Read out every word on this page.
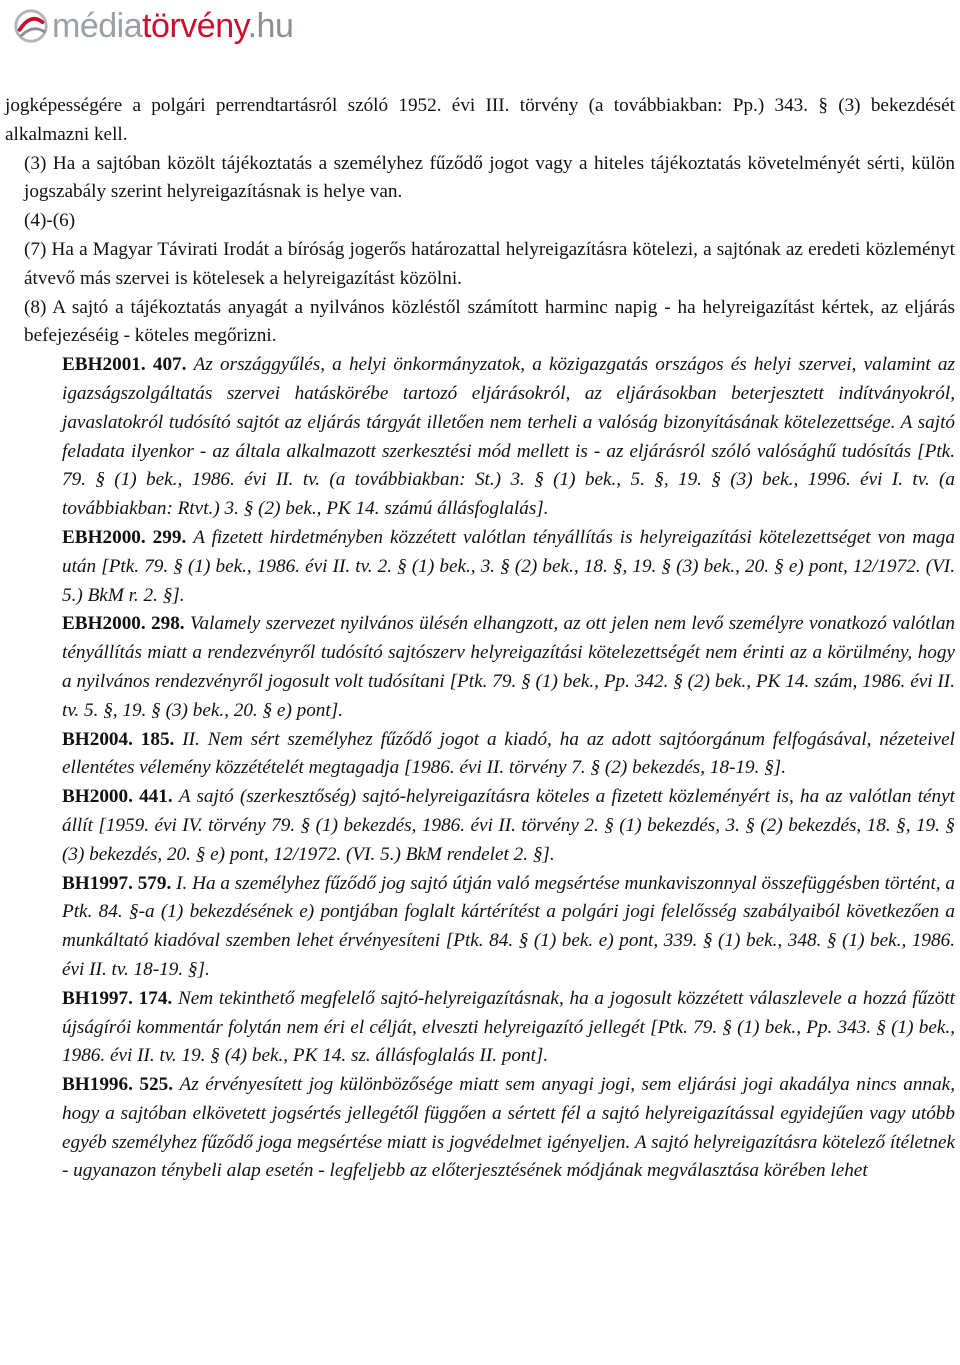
médiatörvény.hu

jogképességére a polgári perrendtartásról szóló 1952. évi III. törvény (a továbbiakban: Pp.) 343. § (3) bekezdését alkalmazni kell.

(3) Ha a sajtóban közölt tájékoztatás a személyhez fűződő jogot vagy a hiteles tájékoztatás követelményét sérti, külön jogszabály szerint helyreigazításnak is helye van.

(4)-(6)

(7) Ha a Magyar Távirati Irodát a bíróság jogerős határozattal helyreigazításra kötelezi, a sajtónak az eredeti közleményt átvevő más szervei is kötelesek a helyreigazítást közölni.

(8) A sajtó a tájékoztatás anyagát a nyilvános közléstől számított harminc napig - ha helyreigazítást kértek, az eljárás befejezéséig - köteles megőrizni.

EBH2001. 407. Az országgyűlés, a helyi önkormányzatok, a közigazgatás országos és helyi szervei, valamint az igazságszolgáltatás szervei hatáskörébe tartozó eljárásokról, az eljárásokban beterjesztett indítványokról, javaslatokról tudósító sajtót az eljárás tárgyát illetően nem terheli a valóság bizonyításának kötelezettsége. A sajtó feladata ilyenkor - az általa alkalmazott szerkesztési mód mellett is - az eljárásról szóló valósághű tudósítás [Ptk. 79. § (1) bek., 1986. évi II. tv. (a továbbiakban: St.) 3. § (1) bek., 5. §, 19. § (3) bek., 1996. évi I. tv. (a továbbiakban: Rtvt.) 3. § (2) bek., PK 14. számú állásfoglalás].

EBH2000. 299. A fizetett hirdetményben közzétett valótlan tényállítás is helyreigazítási kötelezettséget von maga után [Ptk. 79. § (1) bek., 1986. évi II. tv. 2. § (1) bek., 3. § (2) bek., 18. §, 19. § (3) bek., 20. § e) pont, 12/1972. (VI. 5.) BkM r. 2. §].

EBH2000. 298. Valamely szervezet nyilvános ülésén elhangzott, az ott jelen nem levő személyre vonatkozó valótlan tényállítás miatt a rendezvényről tudósító sajtószerv helyreigazítási kötelezettségét nem érinti az a körülmény, hogy a nyilvános rendezvényről jogosult volt tudósítani [Ptk. 79. § (1) bek., Pp. 342. § (2) bek., PK 14. szám, 1986. évi II. tv. 5. §, 19. § (3) bek., 20. § e) pont].

BH2004. 185. II. Nem sért személyhez fűződő jogot a kiadó, ha az adott sajtóorgánum felfogásával, nézeteivel ellentétes vélemény közzétételét megtagadja [1986. évi II. törvény 7. § (2) bekezdés, 18-19. §].

BH2000. 441. A sajtó (szerkesztőség) sajtó-helyreigazításra köteles a fizetett közleményért is, ha az valótlan tényt állít [1959. évi IV. törvény 79. § (1) bekezdés, 1986. évi II. törvény 2. § (1) bekezdés, 3. § (2) bekezdés, 18. §, 19. § (3) bekezdés, 20. § e) pont, 12/1972. (VI. 5.) BkM rendelet 2. §].

BH1997. 579. I. Ha a személyhez fűződő jog sajtó útján való megsértése munkaviszonnyal összefüggésben történt, a Ptk. 84. §-a (1) bekezdésének e) pontjában foglalt kártérítést a polgári jogi felelősség szabályaiból következően a munkáltató kiadóval szemben lehet érvényesíteni [Ptk. 84. § (1) bek. e) pont, 339. § (1) bek., 348. § (1) bek., 1986. évi II. tv. 18-19. §].

BH1997. 174. Nem tekinthető megfelelő sajtó-helyreigazításnak, ha a jogosult közzétett válaszlevele a hozzá fűzött újságírói kommentár folytán nem éri el célját, elveszti helyreigazító jellegét [Ptk. 79. § (1) bek., Pp. 343. § (1) bek., 1986. évi II. tv. 19. § (4) bek., PK 14. sz. állásfoglalás II. pont].

BH1996. 525. Az érvényesített jog különbözősége miatt sem anyagi jogi, sem eljárási jogi akadálya nincs annak, hogy a sajtóban elkövetett jogsértés jellegétől függően a sértett fél a sajtó helyreigazítással egyidejűen vagy utóbb egyéb személyhez fűződő joga megsértése miatt is jogvédelmet igényeljen. A sajtó helyreigazításra kötelező ítéletnek - ugyanazon ténybeli alap esetén - legfeljebb az előterjesztésének módjának megválasztása körében lehet
